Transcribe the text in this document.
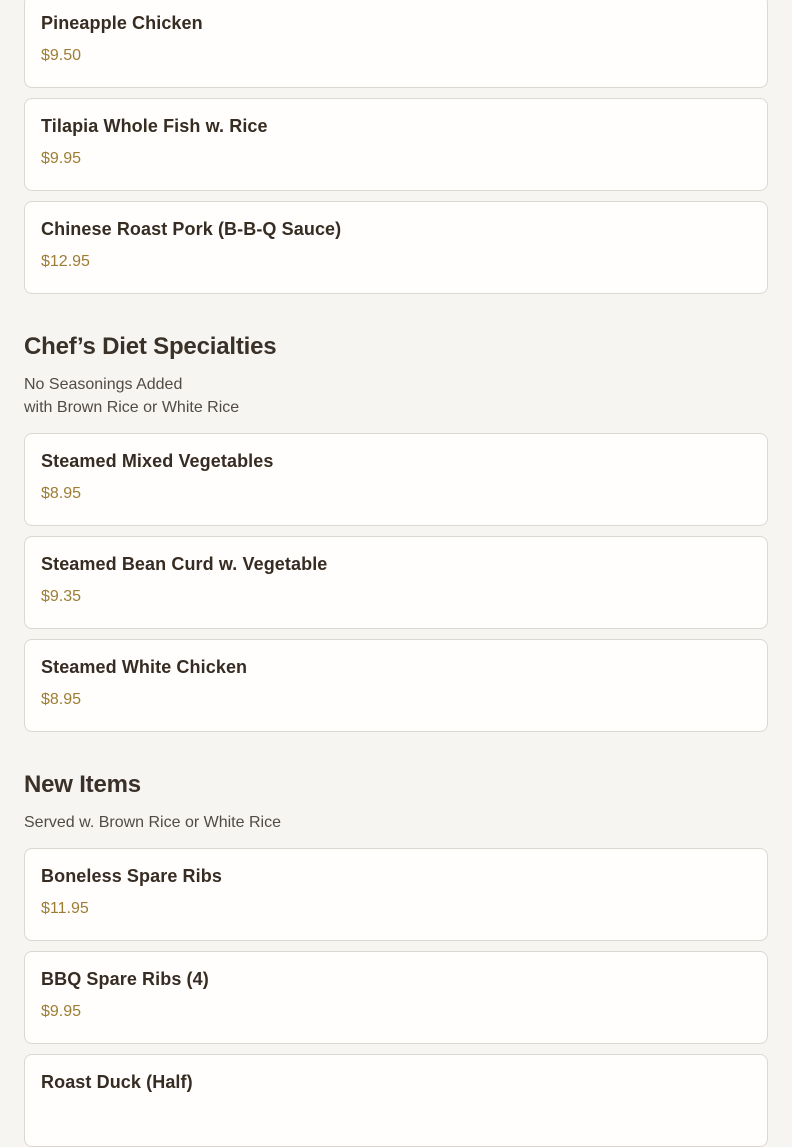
Pineapple Chicken
$9.50
Tilapia Whole Fish w. Rice
$9.95
Chinese Roast Pork (B-B-Q Sauce)
$12.95
Chef’s Diet Specialties
No Seasonings Added
with Brown Rice or White Rice
Steamed Mixed Vegetables
$8.95
Steamed Bean Curd w. Vegetable
$9.35
Steamed White Chicken
$8.95
New Items
Served w. Brown Rice or White Rice
Boneless Spare Ribs
$11.95
BBQ Spare Ribs (4)
$9.95
Roast Duck (Half)
